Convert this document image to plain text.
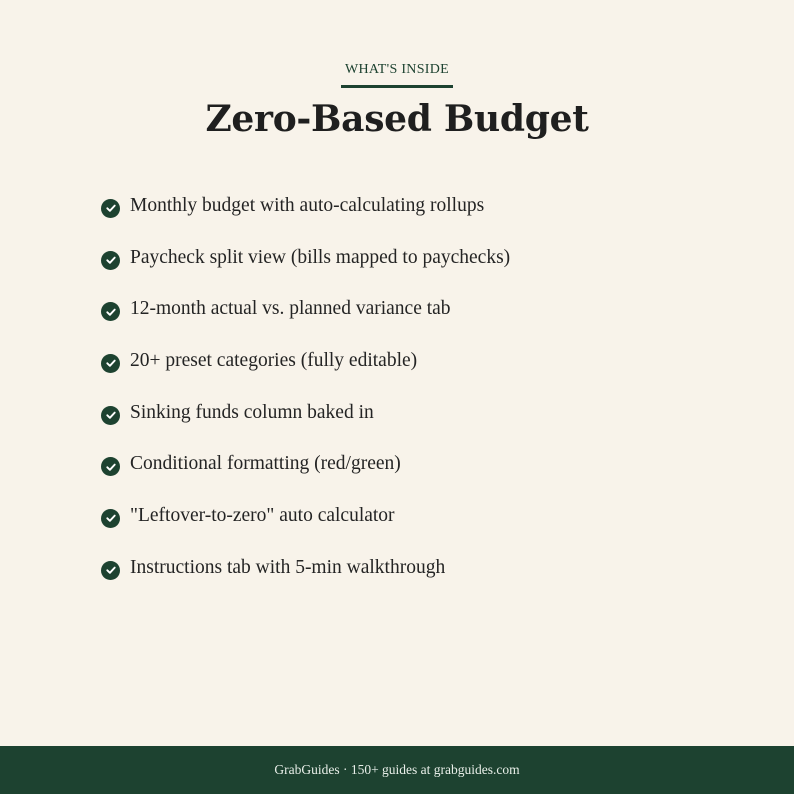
WHAT'S INSIDE
Zero-Based Budget
Monthly budget with auto-calculating rollups
Paycheck split view (bills mapped to paychecks)
12-month actual vs. planned variance tab
20+ preset categories (fully editable)
Sinking funds column baked in
Conditional formatting (red/green)
"Leftover-to-zero" auto calculator
Instructions tab with 5-min walkthrough
GrabGuides · 150+ guides at grabguides.com
